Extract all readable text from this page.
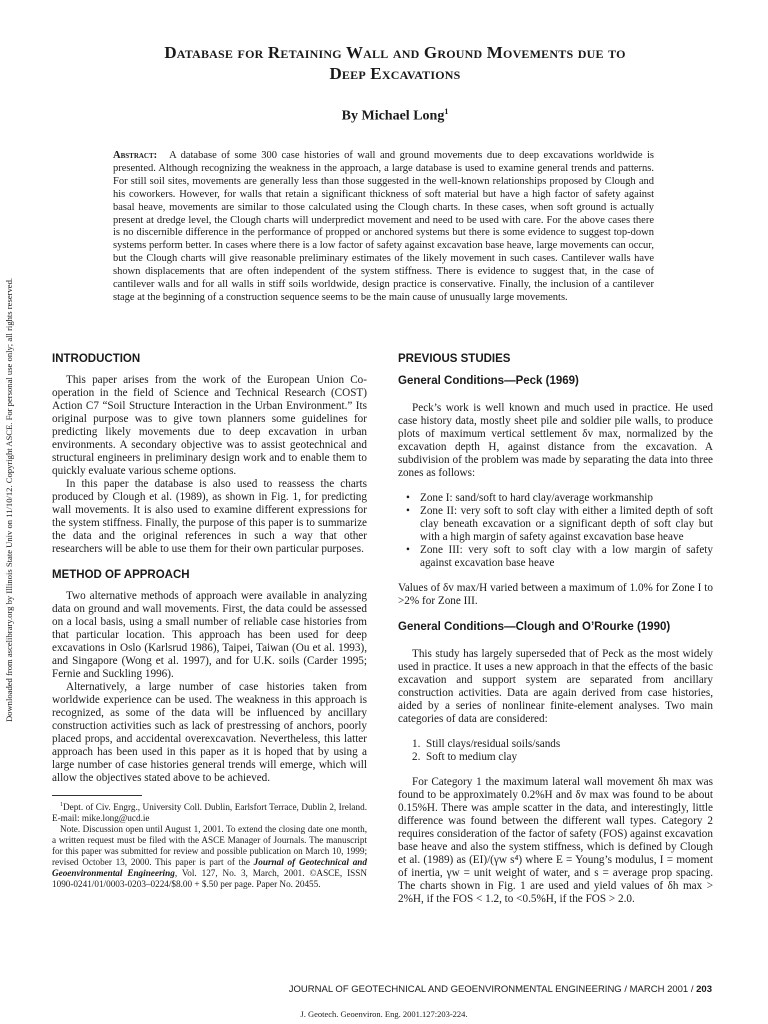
Downloaded from ascelibrary.org by Illinois State Univ on 11/10/12. Copyright ASCE. For personal use only; all rights reserved.
Database for Retaining Wall and Ground Movements due to
Deep Excavations
By Michael Long$^1$
Abstract: A database of some 300 case histories of wall and ground movements due to deep excavations worldwide is presented. Although recognizing the weakness in the approach, a large database is used to examine general trends and patterns. For still soil sites, movements are generally less than those suggested in the well-known relationships proposed by Clough and his coworkers. However, for walls that retain a significant thickness of soft material but have a high factor of safety against basal heave, movements are similar to those calculated using the Clough charts. In these cases, when soft ground is actually present at dredge level, the Clough charts will underpredict movement and need to be used with care. For the above cases there is no discernible difference in the performance of propped or anchored systems but there is some evidence to suggest top-down systems perform better. In cases where there is a low factor of safety against excavation base heave, large movements can occur, but the Clough charts will give reasonable preliminary estimates of the likely movement in such cases. Cantilever walls have shown displacements that are often independent of the system stiffness. There is evidence to suggest that, in the case of cantilever walls and for all walls in stiff soils worldwide, design practice is conservative. Finally, the inclusion of a cantilever stage at the beginning of a construction sequence seems to be the main cause of unusually large movements.
INTRODUCTION

This paper arises from the work of the European Union Co-operation in the field of Science and Technical Research (COST) Action C7 “Soil Structure Interaction in the Urban Environment.” Its original purpose was to give town planners some guidelines for predicting likely movements due to deep excavation in urban environments. A secondary objective was to assist geotechnical and structural engineers in preliminary design work and to enable them to quickly evaluate various scheme options.

In this paper the database is also used to reassess the charts produced by Clough et al. (1989), as shown in Fig. 1, for predicting wall movements. It is also used to examine different expressions for the system stiffness. Finally, the purpose of this paper is to summarize the data and the original references in such a way that other researchers will be able to use them for their own particular purposes.

METHOD OF APPROACH

Two alternative methods of approach were available in analyzing data on ground and wall movements. First, the data could be assessed on a local basis, using a small number of reliable case histories from that particular location. This approach has been used for deep excavations in Oslo (Karlsrud 1986), Taipei, Taiwan (Ou et al. 1993), and Singapore (Wong et al. 1997), and for U.K. soils (Carder 1995; Fernie and Suckling 1996).

Alternatively, a large number of case histories taken from worldwide experience can be used. The weakness in this approach is recognized, as some of the data will be influenced by ancillary construction activities such as lack of prestressing of anchors, poorly placed props, and accidental overexcavation. Nevertheless, this latter approach has been used in this paper as it is hoped that by using a large number of case histories general trends will emerge, which will allow the objectives stated above to be achieved.

$^1$Dept. of Civ. Engrg., University Coll. Dublin, Earlsfort Terrace, Dublin 2, Ireland. E-mail: mike.long@ucd.ie

Note. Discussion open until August 1, 2001. To extend the closing date one month, a written request must be filed with the ASCE Manager of Journals. The manuscript for this paper was submitted for review and possible publication on March 10, 1999; revised October 13, 2000. This paper is part of the Journal of Geotechnical and Geoenvironmental Engineering, Vol. 127, No. 3, March, 2001. ©ASCE, ISSN 1090-0241/01/0003-0203–0224/$8.00 + $.50 per page. Paper No. 20455.

PREVIOUS STUDIES
General Conditions—Peck (1969)

Peck’s work is well known and much used in practice. He used case history data, mostly sheet pile and soldier pile walls, to produce plots of maximum vertical settlement δv max, normalized by the excavation depth H, against distance from the excavation. A subdivision of the problem was made by separating the data into three zones as follows:

• Zone I: sand/soft to hard clay/average workmanship
• Zone II: very soft to soft clay with either a limited depth of soft clay beneath excavation or a significant depth of soft clay but with a high margin of safety against excavation base heave
• Zone III: very soft to soft clay with a low margin of safety against excavation base heave

Values of δv max/H varied between a maximum of 1.0% for Zone I to >2% for Zone III.

General Conditions—Clough and O’Rourke (1990)

This study has largely superseded that of Peck as the most widely used in practice. It uses a new approach in that the effects of the basic excavation and support system are separated from ancillary construction activities. Data are again derived from case histories, aided by a series of nonlinear finite-element analyses. Two main categories of data are considered:

1. Still clays/residual soils/sands
2. Soft to medium clay

For Category 1 the maximum lateral wall movement δh max was found to be approximately 0.2%H and δv max was found to be about 0.15%H. There was ample scatter in the data, and interestingly, little difference was found between the different wall types. Category 2 requires consideration of the factor of safety (FOS) against excavation base heave and also the system stiffness, which is defined by Clough et al. (1989) as (EI)/(γw s⁴) where E = Young’s modulus, I = moment of inertia, γw = unit weight of water, and s = average prop spacing. The charts shown in Fig. 1 are used and yield values of δh max > 2%H, if the FOS < 1.2, to <0.5%H, if the FOS > 2.0.

JOURNAL OF GEOTECHNICAL AND GEOENVIRONMENTAL ENGINEERING / MARCH 2001 / 203
J. Geotech. Geoenviron. Eng. 2001.127:203-224.
